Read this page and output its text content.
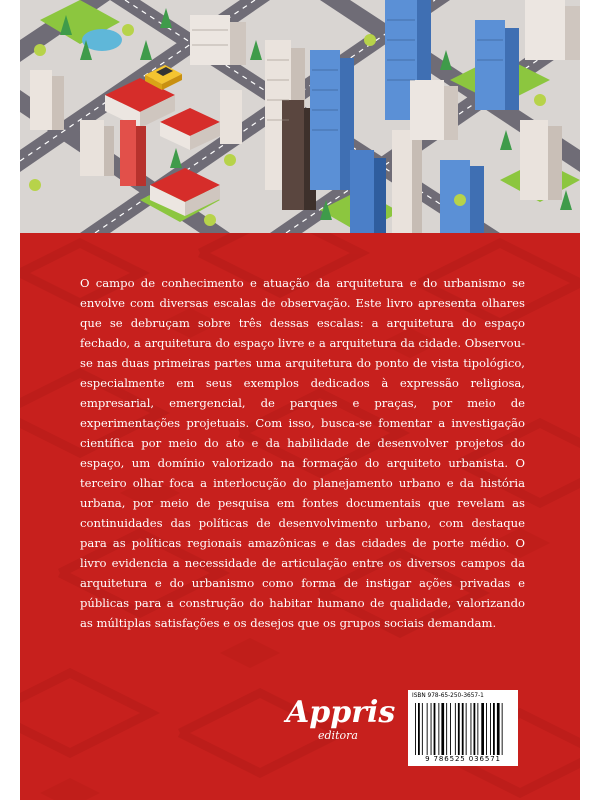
O campo de conhecimento e atuação da arquitetura e do urbanismo se envolve com diversas escalas de observação. Este livro apresenta olhares que se debruçam sobre três dessas escalas: a arquitetura do espaço fechado, a arquitetura do espaço livre e a arquitetura da cidade. Observou-se nas duas primeiras partes uma arquitetura do ponto de vista tipológico, especialmente em seus exemplos dedicados à expressão religiosa, empresarial, emergencial, de parques e praças, por meio de experimentações projetuais. Com isso, busca-se fomentar a investigação científica por meio do ato e da habilidade de desenvolver projetos do espaço, um domínio valorizado na formação do arquiteto urbanista. O terceiro olhar foca a interlocução do planejamento urbano e da história urbana, por meio de pesquisa em fontes documentais que revelam as continuidades das políticas de desenvolvimento urbano, com destaque para as políticas regionais amazônicas e das cidades de porte médio. O livro evidencia a necessidade de articulação entre os diversos campos da arquitetura e do urbanismo como forma de instigar ações privadas e públicas para a construção do habitar humano de qualidade, valorizando as múltiplas satisfações e os desejos que os grupos sociais demandam.

Appris
editora
ISBN 978-65-250-3657-1
9 786525 036571
